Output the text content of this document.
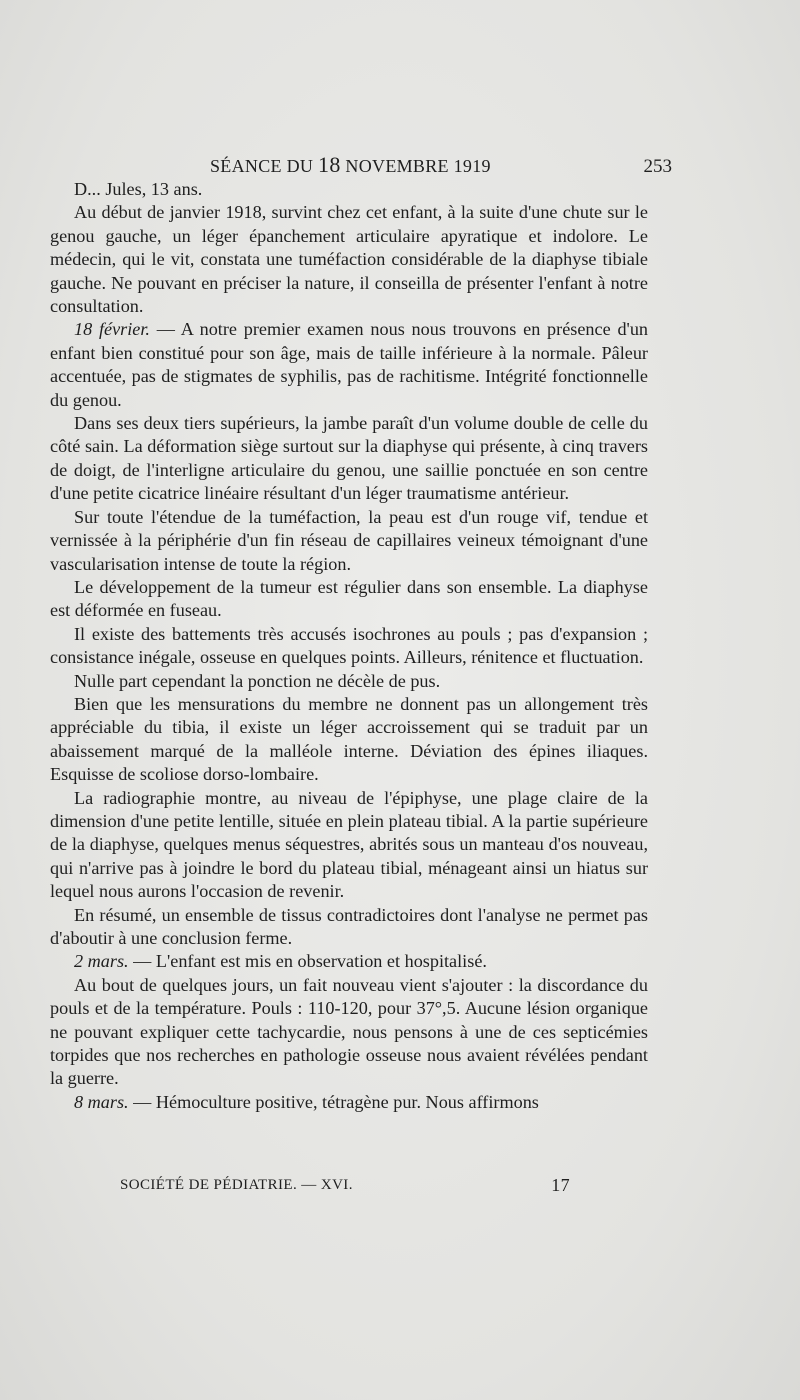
SÉANCE DU 18 NOVEMBRE 1919	253

D... Jules, 13 ans.

Au début de janvier 1918, survint chez cet enfant, à la suite d'une chute sur le genou gauche, un léger épanchement articulaire apyratique et indolore. Le médecin, qui le vit, constata une tuméfaction considérable de la diaphyse tibiale gauche. Ne pouvant en préciser la nature, il conseilla de présenter l'enfant à notre consultation.

18 février. — A notre premier examen nous nous trouvons en présence d'un enfant bien constitué pour son âge, mais de taille inférieure à la normale. Pâleur accentuée, pas de stigmates de syphilis, pas de rachitisme. Intégrité fonctionnelle du genou.

Dans ses deux tiers supérieurs, la jambe paraît d'un volume double de celle du côté sain. La déformation siège surtout sur la diaphyse qui présente, à cinq travers de doigt, de l'interligne articulaire du genou, une saillie ponctuée en son centre d'une petite cicatrice linéaire résultant d'un léger traumatisme antérieur.

Sur toute l'étendue de la tuméfaction, la peau est d'un rouge vif, tendue et vernissée à la périphérie d'un fin réseau de capillaires veineux témoignant d'une vascularisation intense de toute la région.

Le développement de la tumeur est régulier dans son ensemble. La diaphyse est déformée en fuseau.

Il existe des battements très accusés isochrones au pouls ; pas d'expansion ; consistance inégale, osseuse en quelques points. Ailleurs, rénitence et fluctuation.

Nulle part cependant la ponction ne décèle de pus.

Bien que les mensurations du membre ne donnent pas un allongement très appréciable du tibia, il existe un léger accroissement qui se traduit par un abaissement marqué de la malléole interne. Déviation des épines iliaques. Esquisse de scoliose dorso-lombaire.

La radiographie montre, au niveau de l'épiphyse, une plage claire de la dimension d'une petite lentille, située en plein plateau tibial. A la partie supérieure de la diaphyse, quelques menus séquestres, abrités sous un manteau d'os nouveau, qui n'arrive pas à joindre le bord du plateau tibial, ménageant ainsi un hiatus sur lequel nous aurons l'occasion de revenir.

En résumé, un ensemble de tissus contradictoires dont l'analyse ne permet pas d'aboutir à une conclusion ferme.

2 mars. — L'enfant est mis en observation et hospitalisé.

Au bout de quelques jours, un fait nouveau vient s'ajouter : la discordance du pouls et de la température. Pouls : 110-120, pour 37°,5. Aucune lésion organique ne pouvant expliquer cette tachycardie, nous pensons à une de ces septicémies torpides que nos recherches en pathologie osseuse nous avaient révélées pendant la guerre.

8 mars. — Hémoculture positive, tétragène pur. Nous affirmons

SOCIÉTÉ DE PÉDIATRIE. — XVI.	17
